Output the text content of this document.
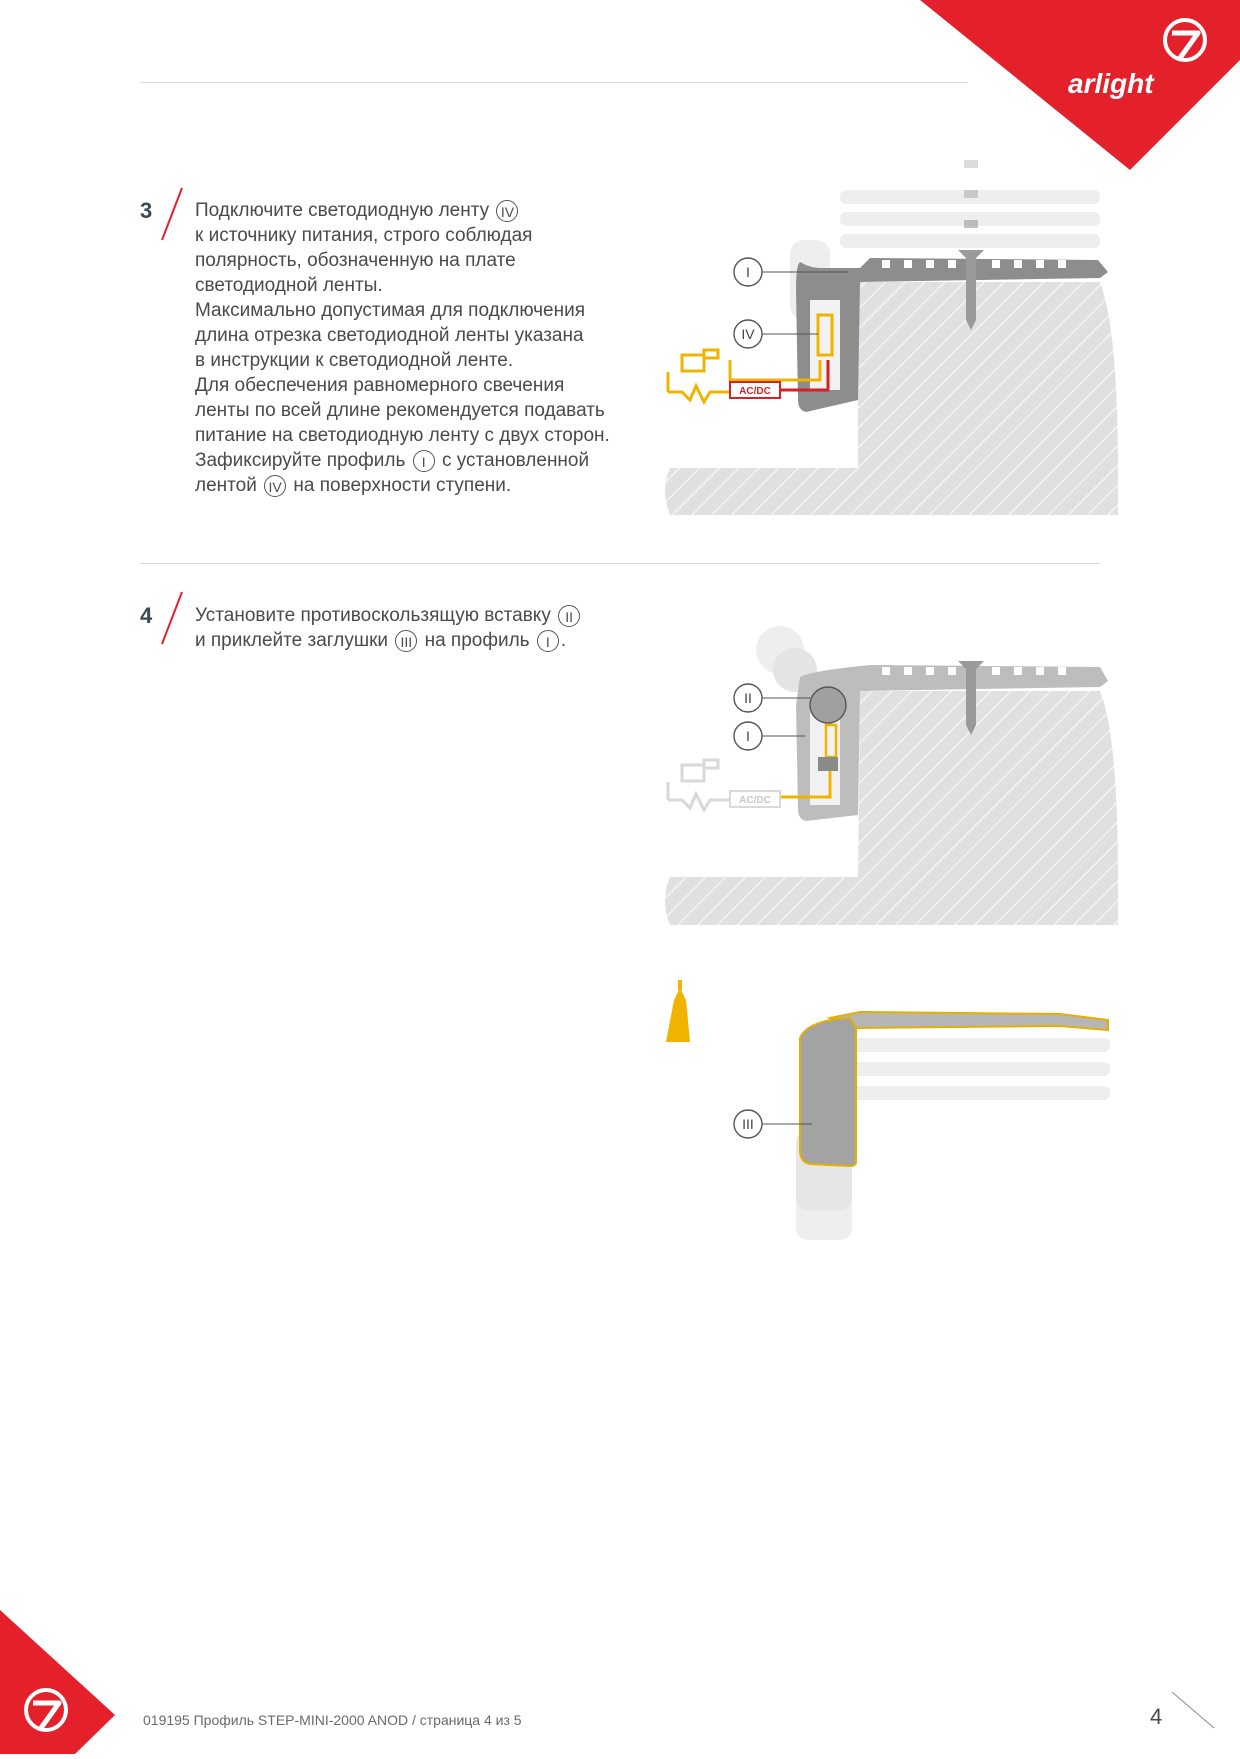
arlight
3 Подключите светодиодную ленту IV

к источнику питания, строго соблюдая

полярность, обозначенную на плате

светодиодной ленты.

Максимально допустимая для подключения

длина отрезка светодиодной ленты указана

в инструкции к светодиодной ленте.

Для обеспечения равномерного свечения

ленты по всей длине рекомендуется подавать

питание на светодиодную ленту с двух сторон.

Зафиксируйте профиль I с установленной

лентой IV на поверхности ступени.

4 Установите противоскользящую вставку II

и приклейте заглушки III на профиль I .

AC/DC
I
IV
AC/DC
II
I
III
019195 Профиль STEP-MINI-2000 ANOD / страница 4 из 5	4
